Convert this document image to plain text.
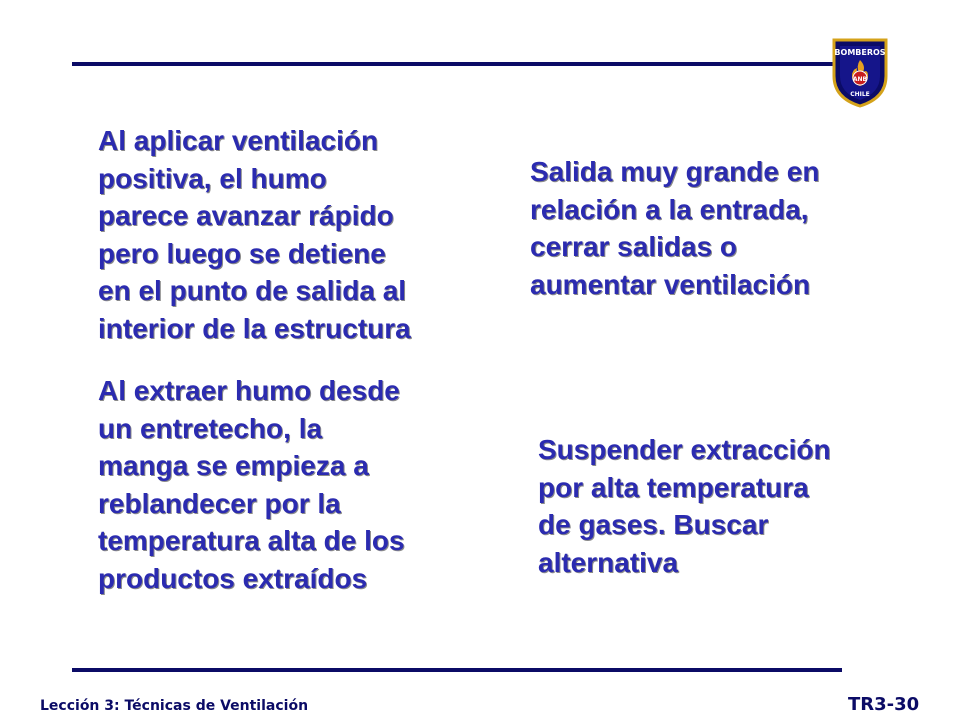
BOMBEROS
ANB
CHILE
Al aplicar ventilación
positiva, el humo
parece avanzar rápido
pero luego se detiene
en el punto de salida al
interior de la estructura
Al extraer humo desde
un entretecho, la
manga se empieza a
reblandecer por la
temperatura alta de los
productos extraídos
Salida muy grande en
relación a la entrada,
cerrar salidas o
aumentar ventilación
Suspender extracción
por alta temperatura
de gases. Buscar
alternativa
Lección 3: Técnicas de Ventilación	TR3-30
